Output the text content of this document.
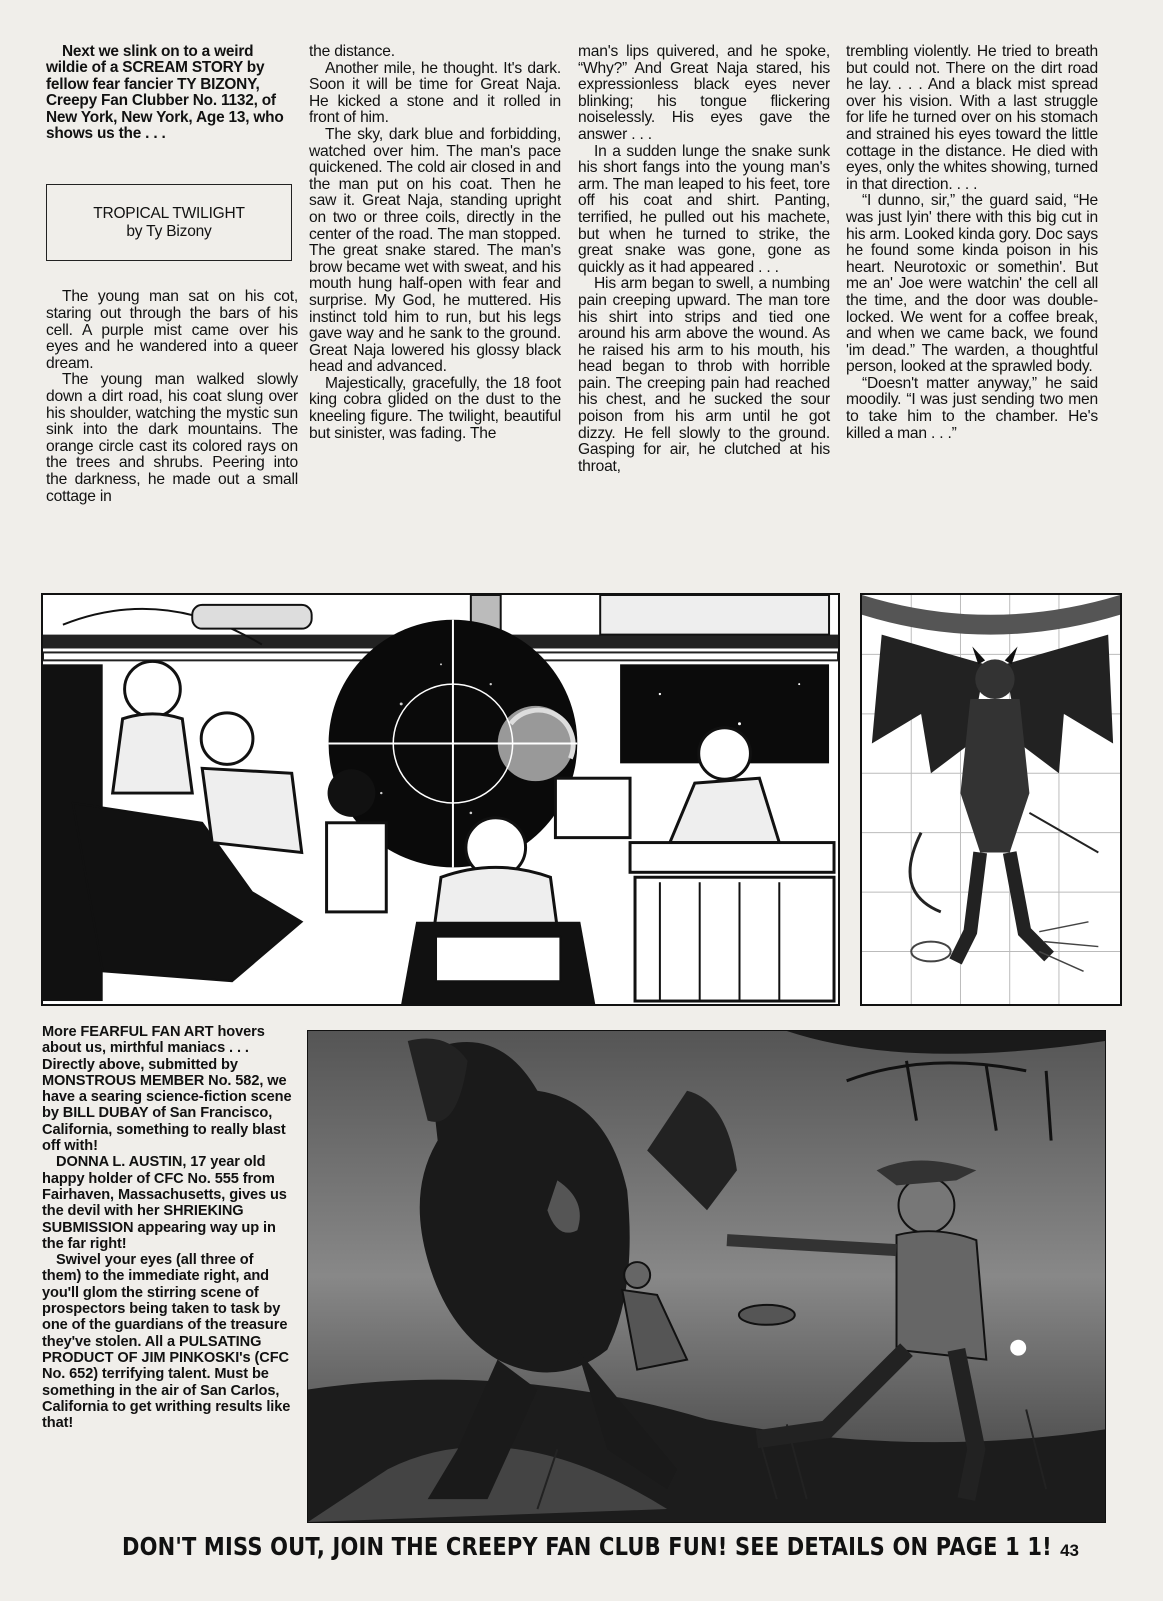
Next we slink on to a weird wildie of a SCREAM STORY by fellow fear fancier TY BIZONY, Creepy Fan Clubber No. 1132, of New York, New York, Age 13, who shows us the . . .

TROPICAL TWILIGHT
by Ty Bizony

The young man sat on his cot, staring out through the bars of his cell. A purple mist came over his eyes and he wandered into a queer dream.

The young man walked slowly down a dirt road, his coat slung over his shoulder, watching the mystic sun sink into the dark mountains. The orange circle cast its colored rays on the trees and shrubs. Peering into the darkness, he made out a small cottage in

the distance.

Another mile, he thought. It's dark. Soon it will be time for Great Naja. He kicked a stone and it rolled in front of him.

The sky, dark blue and forbidding, watched over him. The man's pace quickened. The cold air closed in and the man put on his coat. Then he saw it. Great Naja, standing upright on two or three coils, directly in the center of the road. The man stopped. The great snake stared. The man's brow became wet with sweat, and his mouth hung half-open with fear and surprise. My God, he muttered. His instinct told him to run, but his legs gave way and he sank to the ground. Great Naja lowered his glossy black head and advanced.

Majestically, gracefully, the 18 foot king cobra glided on the dust to the kneeling figure. The twilight, beautiful but sinister, was fading. The

man's lips quivered, and he spoke, “Why?” And Great Naja stared, his expressionless black eyes never blinking; his tongue flickering noiselessly. His eyes gave the answer . . .

In a sudden lunge the snake sunk his short fangs into the young man's arm. The man leaped to his feet, tore off his coat and shirt. Panting, terrified, he pulled out his machete, but when he turned to strike, the great snake was gone, gone as quickly as it had appeared . . .

His arm began to swell, a numbing pain creeping upward. The man tore his shirt into strips and tied one around his arm above the wound. As he raised his arm to his mouth, his head began to throb with horrible pain. The creeping pain had reached his chest, and he sucked the sour poison from his arm until he got dizzy. He fell slowly to the ground. Gasping for air, he clutched at his throat,

trembling violently. He tried to breath but could not. There on the dirt road he lay. . . . And a black mist spread over his vision. With a last struggle for life he turned over on his stomach and strained his eyes toward the little cottage in the distance. He died with eyes, only the whites showing, turned in that direction. . . .

“I dunno, sir,” the guard said, “He was just lyin' there with this big cut in his arm. Looked kinda gory. Doc says he found some kinda poison in his heart. Neurotoxic or somethin'. But me an' Joe were watchin' the cell all the time, and the door was double-locked. We went for a coffee break, and when we came back, we found 'im dead.” The warden, a thoughtful person, looked at the sprawled body.

“Doesn't matter anyway,” he said moodily. “I was just sending two men to take him to the chamber. He's killed a man . . .”

More FEARFUL FAN ART hovers about us, mirthful maniacs . . . Directly above, submitted by MONSTROUS MEMBER No. 582, we have a searing science-fiction scene by BILL DUBAY of San Francisco, California, something to really blast off with!

DONNA L. AUSTIN, 17 year old happy holder of CFC No. 555 from Fairhaven, Massachusetts, gives us the devil with her SHRIEKING SUBMISSION appearing way up in the far right!

Swivel your eyes (all three of them) to the immediate right, and you'll glom the stirring scene of prospectors being taken to task by one of the guardians of the treasure they've stolen. All a PULSATING PRODUCT OF JIM PINKOSKI's (CFC No. 652) terrifying talent. Must be something in the air of San Carlos, California to get writhing results like that!

DON'T MISS OUT, JOIN THE CREEPY FAN CLUB FUN! SEE DETAILS ON PAGE 1 1! 43
